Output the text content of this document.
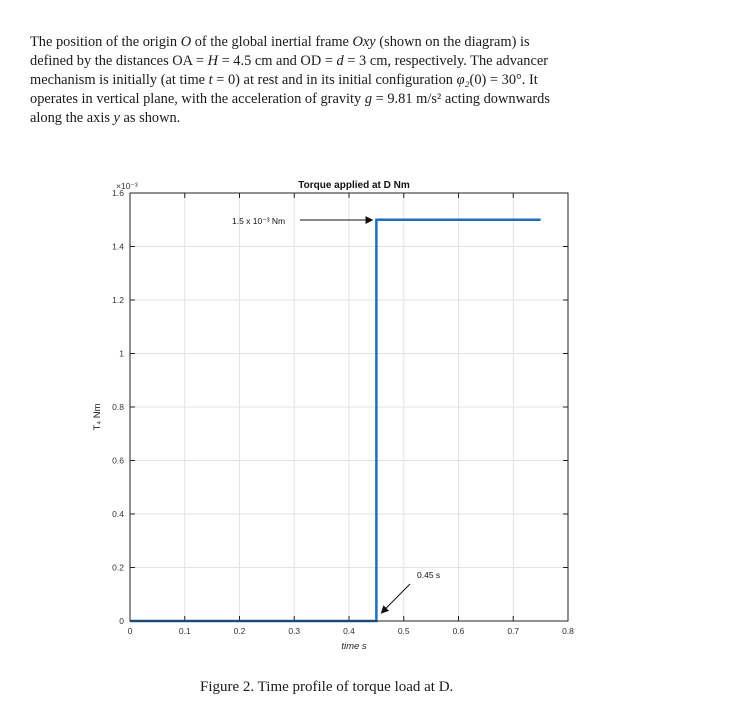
The position of the origin O of the global inertial frame Oxy (shown on the diagram) is
defined by the distances OA = H = 4.5 cm and OD = d = 3 cm, respectively. The advancer
mechanism is initially (at time t = 0) at rest and in its initial configuration φ₂(0) = 30°. It
operates in vertical plane, with the acceleration of gravity g = 9.81 m/s² acting downwards
along the axis y as shown.
0	0.1	0.2	0.3	0.4	0.5	0.6	0.7	0.8
0
0.2
0.4
0.6
0.8
1
1.2
1.4
1.6
1.5 x 10⁻³ Nm
0.45 s
Torque applied at D Nm
×10⁻³
time s
T₄ Nm
Figure 2. Time profile of torque load at D.
